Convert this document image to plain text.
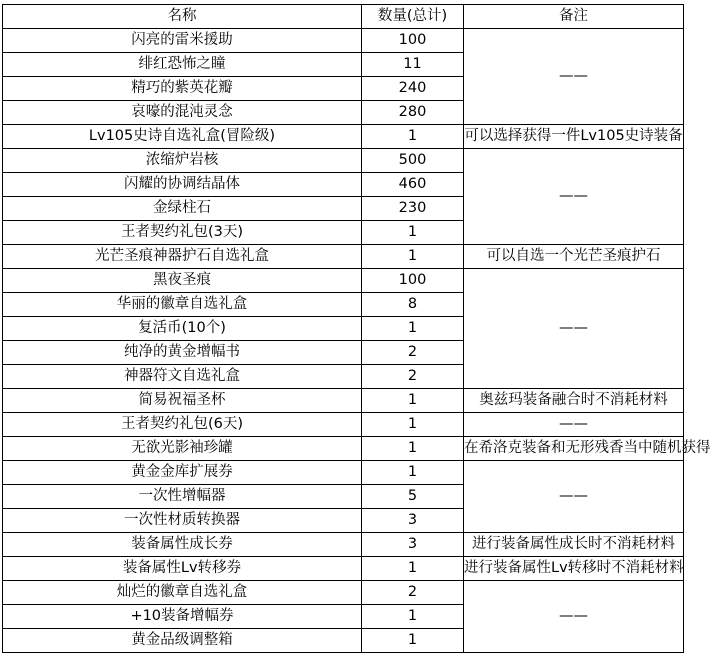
名称	数量(总计)	备注
闪亮的雷米援助	100	——
绯红恐怖之瞳	11	
精巧的紫英花瓣	240	
哀嚎的混沌灵念	280	
Lv105史诗自选礼盒(冒险级)	1	可以选择获得一件Lv105史诗装备
浓缩炉岩核	500	——
闪耀的协调结晶体	460	
金绿柱石	230	
王者契约礼包(3天)	1	
光芒圣痕神器护石自选礼盒	1	可以自选一个光芒圣痕护石
黑夜圣痕	100	——
华丽的徽章自选礼盒	8	
复活币(10个)	1	
纯净的黄金增幅书	2	
神器符文自选礼盒	2	
简易祝福圣杯	1	奥兹玛装备融合时不消耗材料
王者契约礼包(6天)	1	——
无欲光影袖珍罐	1	在希洛克装备和无形残香当中随机获得
黄金金库扩展券	1	——
一次性增幅器	5	
一次性材质转换器	3	
装备属性成长券	3	进行装备属性成长时不消耗材料
装备属性Lv转移券	1	进行装备属性Lv转移时不消耗材料
灿烂的徽章自选礼盒	2	——
+10装备增幅券	1	
黄金品级调整箱	1	
